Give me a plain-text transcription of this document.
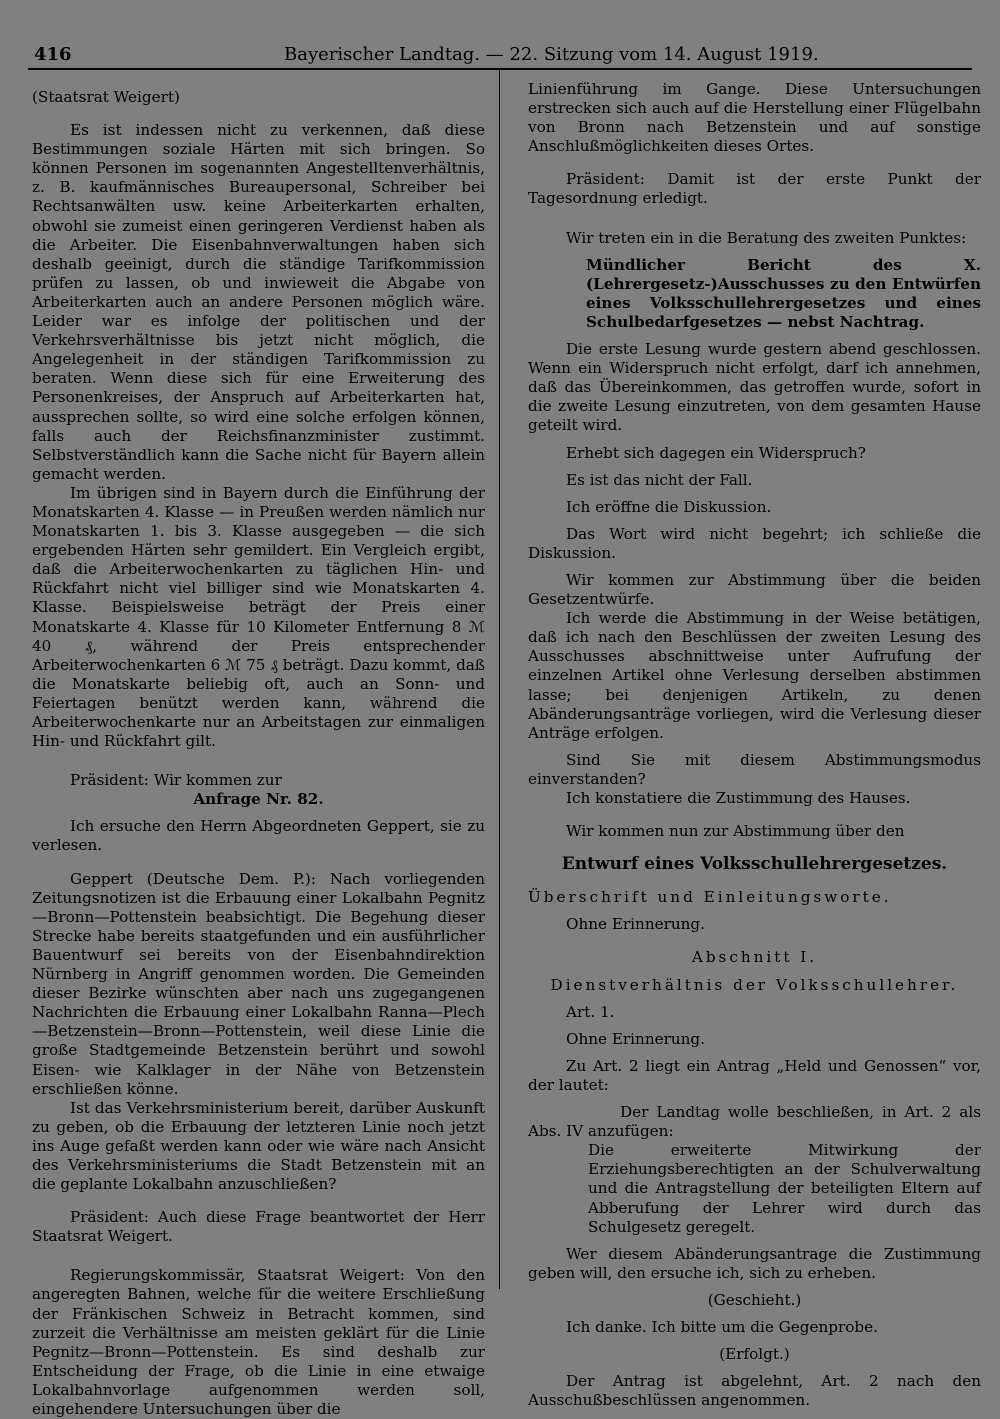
416	Bayerischer Landtag. — 22. Sitzung vom 14. August 1919.

(Staatsrat Weigert)

Es ist indessen nicht zu verkennen, daß diese Bestimmungen soziale Härten mit sich bringen. So können Personen im sogenannten Angestelltenverhältnis, z. B. kaufmännisches Bureaupersonal, Schreiber bei Rechtsanwälten usw. keine Arbeiterkarten erhalten, obwohl sie zumeist einen geringeren Verdienst haben als die Arbeiter. Die Eisenbahnverwaltungen haben sich deshalb geeinigt, durch die ständige Tarifkommission prüfen zu lassen, ob und inwieweit die Abgabe von Arbeiterkarten auch an andere Personen möglich wäre. Leider war es infolge der politischen und der Verkehrsverhältnisse bis jetzt nicht möglich, die Angelegenheit in der ständigen Tarifkommission zu beraten. Wenn diese sich für eine Erweiterung des Personenkreises, der Anspruch auf Arbeiterkarten hat, aussprechen sollte, so wird eine solche erfolgen können, falls auch der Reichsfinanzminister zustimmt. Selbstverständlich kann die Sache nicht für Bayern allein gemacht werden.

Im übrigen sind in Bayern durch die Einführung der Monatskarten 4. Klasse — in Preußen werden nämlich nur Monatskarten 1. bis 3. Klasse ausgegeben — die sich ergebenden Härten sehr gemildert. Ein Vergleich ergibt, daß die Arbeiterwochenkarten zu täglichen Hin- und Rückfahrt nicht viel billiger sind wie Monatskarten 4. Klasse. Beispielsweise beträgt der Preis einer Monatskarte 4. Klasse für 10 Kilometer Entfernung 8 ℳ 40 ₰, während der Preis entsprechender Arbeiterwochenkarten 6 ℳ 75 ₰ beträgt. Dazu kommt, daß die Monatskarte beliebig oft, auch an Sonn- und Feiertagen benützt werden kann, während die Arbeiterwochenkarte nur an Arbeitstagen zur einmaligen Hin- und Rückfahrt gilt.

Präsident: Wir kommen zur

Anfrage Nr. 82.

Ich ersuche den Herrn Abgeordneten Geppert, sie zu verlesen.

Geppert (Deutsche Dem. P.): Nach vorliegenden Zeitungsnotizen ist die Erbauung einer Lokalbahn Pegnitz—Bronn—Pottenstein beabsichtigt. Die Begehung dieser Strecke habe bereits staatgefunden und ein ausführlicher Bauentwurf sei bereits von der Eisenbahndirektion Nürnberg in Angriff genommen worden. Die Gemeinden dieser Bezirke wünschten aber nach uns zugegangenen Nachrichten die Erbauung einer Lokalbahn Ranna—Plech—Betzenstein—Bronn—Pottenstein, weil diese Linie die große Stadtgemeinde Betzenstein berührt und sowohl Eisen- wie Kalklager in der Nähe von Betzenstein erschließen könne.

Ist das Verkehrsministerium bereit, darüber Auskunft zu geben, ob die Erbauung der letzteren Linie noch jetzt ins Auge gefaßt werden kann oder wie wäre nach Ansicht des Verkehrsministeriums die Stadt Betzenstein mit an die geplante Lokalbahn anzuschließen?

Präsident: Auch diese Frage beantwortet der Herr Staatsrat Weigert.

Regierungskommissär, Staatsrat Weigert: Von den angeregten Bahnen, welche für die weitere Erschließung der Fränkischen Schweiz in Betracht kommen, sind zurzeit die Verhältnisse am meisten geklärt für die Linie Pegnitz—Bronn—Pottenstein. Es sind deshalb zur Entscheidung der Frage, ob die Linie in eine etwaige Lokalbahnvorlage aufgenommen werden soll, eingehendere Untersuchungen über die

Linienführung im Gange. Diese Untersuchungen erstrecken sich auch auf die Herstellung einer Flügelbahn von Bronn nach Betzenstein und auf sonstige Anschlußmöglichkeiten dieses Ortes.

Präsident: Damit ist der erste Punkt der Tagesordnung erledigt.

Wir treten ein in die Beratung des zweiten Punktes:

Mündlicher Bericht des X. (Lehrergesetz-)Ausschusses zu den Entwürfen eines Volksschullehrergesetzes und eines Schulbedarfgesetzes — nebst Nachtrag.

Die erste Lesung wurde gestern abend geschlossen. Wenn ein Widerspruch nicht erfolgt, darf ich annehmen, daß das Übereinkommen, das getroffen wurde, sofort in die zweite Lesung einzutreten, von dem gesamten Hause geteilt wird.

Erhebt sich dagegen ein Widerspruch?

Es ist das nicht der Fall.

Ich eröffne die Diskussion.

Das Wort wird nicht begehrt; ich schließe die Diskussion.

Wir kommen zur Abstimmung über die beiden Gesetzentwürfe.

Ich werde die Abstimmung in der Weise betätigen, daß ich nach den Beschlüssen der zweiten Lesung des Ausschusses abschnittweise unter Aufrufung der einzelnen Artikel ohne Verlesung derselben abstimmen lasse; bei denjenigen Artikeln, zu denen Abänderungsanträge vorliegen, wird die Verlesung dieser Anträge erfolgen.

Sind Sie mit diesem Abstimmungsmodus einverstanden?

Ich konstatiere die Zustimmung des Hauses.

Wir kommen nun zur Abstimmung über den

Entwurf eines Volksschullehrergesetzes.

Überschrift und Einleitungsworte.

Ohne Erinnerung.

Abschnitt I.

Dienstverhältnis der Volksschullehrer.

Art. 1.

Ohne Erinnerung.

Zu Art. 2 liegt ein Antrag „Held und Genossen“ vor, der lautet:

Der Landtag wolle beschließen, in Art. 2 als Abs. IV anzufügen:

Die erweiterte Mitwirkung der Erziehungsberechtigten an der Schulverwaltung und die Antragstellung der beteiligten Eltern auf Abberufung der Lehrer wird durch das Schulgesetz geregelt.

Wer diesem Abänderungsantrage die Zustimmung geben will, den ersuche ich, sich zu erheben.

(Geschieht.)

Ich danke. Ich bitte um die Gegenprobe.

(Erfolgt.)

Der Antrag ist abgelehnt, Art. 2 nach den Ausschußbeschlüssen angenommen.
